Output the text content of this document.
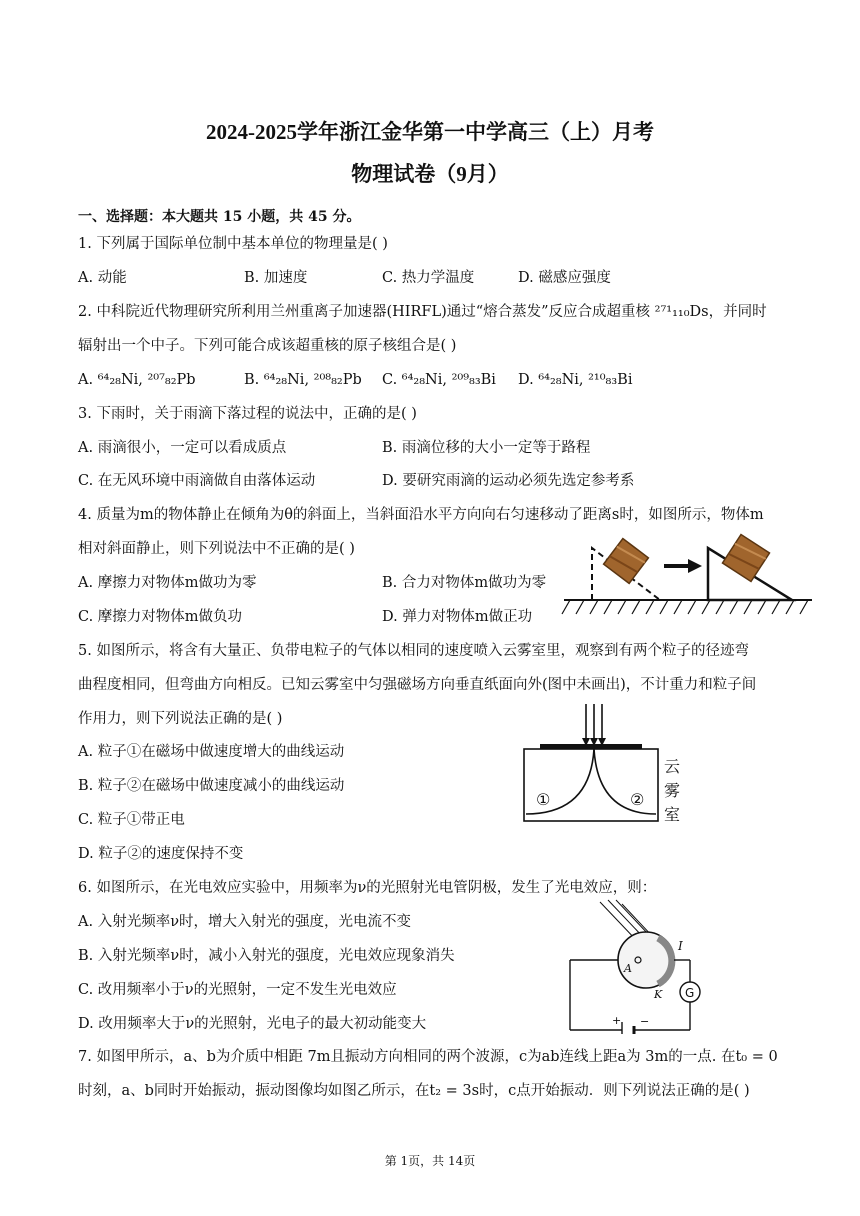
2024-2025学年浙江金华第一中学高三（上）月考
物理试卷（9月）
一、选择题：本大题共 15 小题，共 45 分。
1. 下列属于国际单位制中基本单位的物理量是( )
A. 动能	B. 加速度	C. 热力学温度	D. 磁感应强度
2. 中科院近代物理研究所利用兰州重离子加速器(HIRFL)通过“熔合蒸发”反应合成超重核 ²⁷¹₁₁₀Ds，并同时
辐射出一个中子。下列可能合成该超重核的原子核组合是( )
A. ⁶⁴₂₈Ni, ²⁰⁷₈₂Pb	B. ⁶⁴₂₈Ni, ²⁰⁸₈₂Pb C. ⁶⁴₂₈Ni, ²⁰⁹₈₃Bi D. ⁶⁴₂₈Ni, ²¹⁰₈₃Bi
3. 下雨时，关于雨滴下落过程的说法中，正确的是( )
A. 雨滴很小，一定可以看成质点	B. 雨滴位移的大小一定等于路程
C. 在无风环境中雨滴做自由落体运动	D. 要研究雨滴的运动必须先选定参考系
4. 质量为m的物体静止在倾角为θ的斜面上，当斜面沿水平方向向右匀速移动了距离s时，如图所示，物体m
相对斜面静止，则下列说法中不正确的是( )
A. 摩擦力对物体m做功为零	B. 合力对物体m做功为零
C. 摩擦力对物体m做负功	D. 弹力对物体m做正功
5. 如图所示，将含有大量正、负带电粒子的气体以相同的速度喷入云雾室里，观察到有两个粒子的径迹弯
曲程度相同，但弯曲方向相反。已知云雾室中匀强磁场方向垂直纸面向外(图中未画出)，不计重力和粒子间
作用力，则下列说法正确的是( )
A. 粒子①在磁场中做速度增大的曲线运动
B. 粒子②在磁场中做速度减小的曲线运动
C. 粒子①带正电
D. 粒子②的速度保持不变
①	②
云
雾
室
6. 如图所示，在光电效应实验中，用频率为ν的光照射光电管阴极，发生了光电效应，则：
A. 入射光频率ν时，增大入射光的强度，光电流不变
B. 入射光频率ν时，减小入射光的强度，光电效应现象消失
C. 改用频率小于ν的光照射，一定不发生光电效应
D. 改用频率大于ν的光照射，光电子的最大初动能变大
G
I
A
K
+ −
7. 如图甲所示，a、b为介质中相距 7m且振动方向相同的两个波源，c为ab连线上距a为 3m的一点. 在t₀ = 0
时刻，a、b同时开始振动，振动图像均如图乙所示，在t₂ = 3s时，c点开始振动．则下列说法正确的是( )
第 1页，共 14页
